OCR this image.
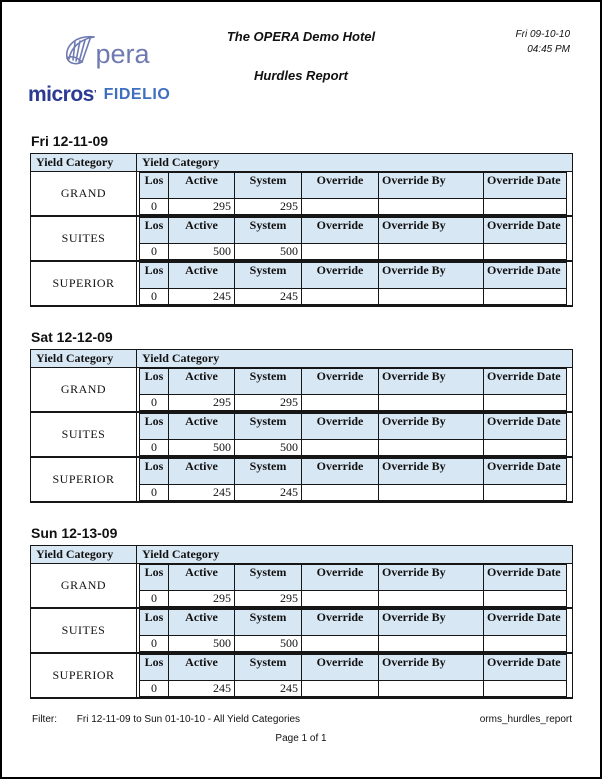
pera
micros ’ FIDELIO
The OPERA Demo Hotel
Hurdles Report
Fri 09-10-10
04:45 PM
Fri 12-11-09
Yield Category	Yield Category
GRAND	
Los	Active	System	Override	Override By	Override Date
0	295	295			

SUITES	
Los	Active	System	Override	Override By	Override Date
0	500	500			

SUPERIOR	
Los	Active	System	Override	Override By	Override Date
0	245	245			
Sat 12-12-09
Yield Category	Yield Category
GRAND	
Los	Active	System	Override	Override By	Override Date
0	295	295			

SUITES	
Los	Active	System	Override	Override By	Override Date
0	500	500			

SUPERIOR	
Los	Active	System	Override	Override By	Override Date
0	245	245			
Sun 12-13-09
Yield Category	Yield Category
GRAND	
Los	Active	System	Override	Override By	Override Date
0	295	295			

SUITES	
Los	Active	System	Override	Override By	Override Date
0	500	500			

SUPERIOR	
Los	Active	System	Override	Override By	Override Date
0	245	245			
Filter: Fri 12-11-09 to Sun 01-10-10 - All Yield Categories	orms_hurdles_report
Page 1 of 1
